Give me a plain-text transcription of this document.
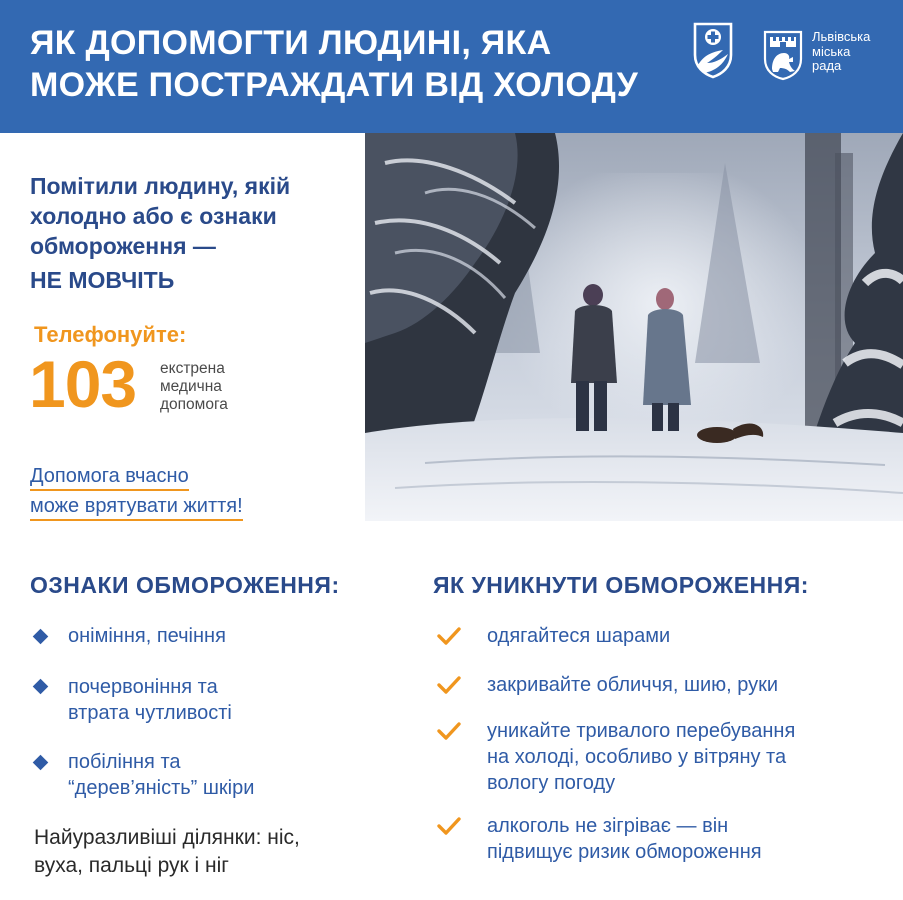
ЯК ДОПОМОГТИ ЛЮДИНІ, ЯКА
МОЖЕ ПОСТРАЖДАТИ ВІД ХОЛОДУ
Львівська
міська
рада
Помітили людину, якій
холодно або є ознаки
обмороження —
НЕ МОВЧІТЬ
Телефонуйте:
103 екстрена
медична
допомога
Допомога вчасно
може врятувати життя!
ОЗНАКИ ОБМОРОЖЕННЯ:
оніміння, печіння
почервоніння та
втрата чутливості
побіління та
“дерев’яність” шкіри
Найуразливіші ділянки: ніс,
вуха, пальці рук і ніг
ЯК УНИКНУТИ ОБМОРОЖЕННЯ:
одягайтеся шарами
закривайте обличчя, шию, руки
уникайте тривалого перебування
на холоді, особливо у вітряну та
вологу погоду
алкоголь не зігріває — він
підвищує ризик обмороження
